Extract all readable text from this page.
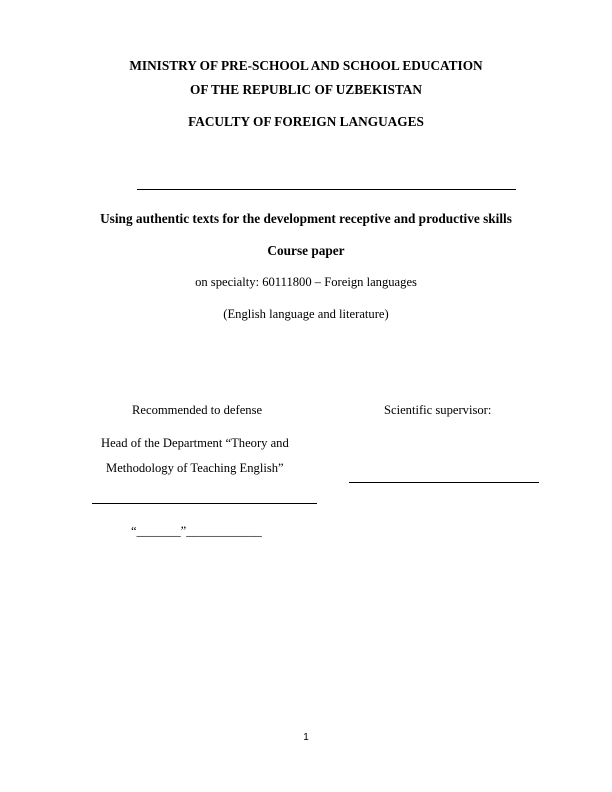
MINISTRY OF PRE-SCHOOL AND SCHOOL EDUCATION
OF THE REPUBLIC OF UZBEKISTAN
FACULTY OF FOREIGN LANGUAGES
Using authentic texts for the development receptive and productive skills
Course paper
on specialty: 60111800 – Foreign languages
(English language and literature)
Recommended to defense	Scientific supervisor:
Head of the Department “Theory and
Methodology of Teaching English”
“_______”____________
1
